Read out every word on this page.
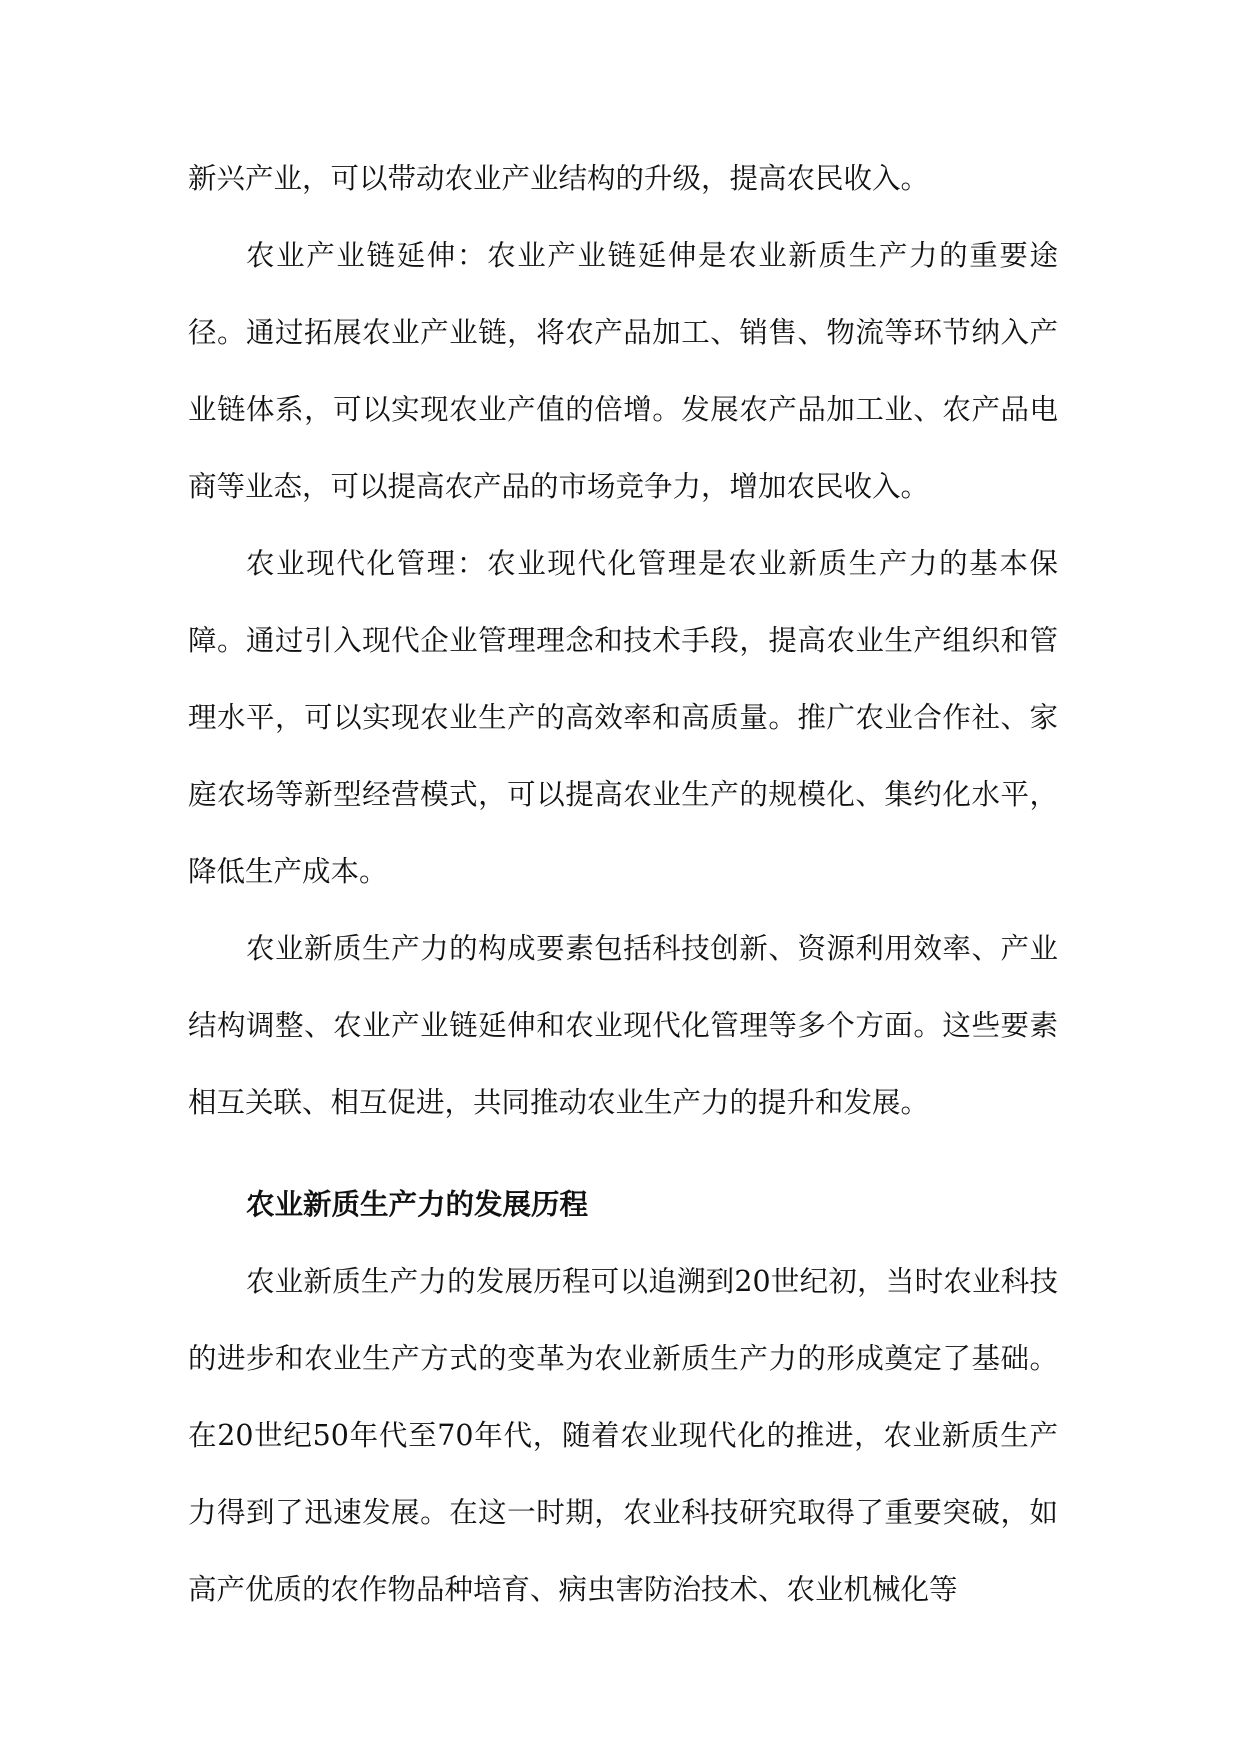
新兴产业，可以带动农业产业结构的升级，提高农民收入。

农业产业链延伸：农业产业链延伸是农业新质生产力的重要途径。通过拓展农业产业链，将农产品加工、销售、物流等环节纳入产业链体系，可以实现农业产值的倍增。发展农产品加工业、农产品电商等业态，可以提高农产品的市场竞争力，增加农民收入。

农业现代化管理：农业现代化管理是农业新质生产力的基本保障。通过引入现代企业管理理念和技术手段，提高农业生产组织和管理水平，可以实现农业生产的高效率和高质量。推广农业合作社、家庭农场等新型经营模式，可以提高农业生产的规模化、集约化水平，降低生产成本。

农业新质生产力的构成要素包括科技创新、资源利用效率、产业结构调整、农业产业链延伸和农业现代化管理等多个方面。这些要素相互关联、相互促进，共同推动农业生产力的提升和发展。

农业新质生产力的发展历程

农业新质生产力的发展历程可以追溯到20世纪初，当时农业科技的进步和农业生产方式的变革为农业新质生产力的形成奠定了基础。在20世纪50年代至70年代，随着农业现代化的推进，农业新质生产力得到了迅速发展。在这一时期，农业科技研究取得了重要突破，如高产优质的农作物品种培育、病虫害防治技术、农业机械化等
